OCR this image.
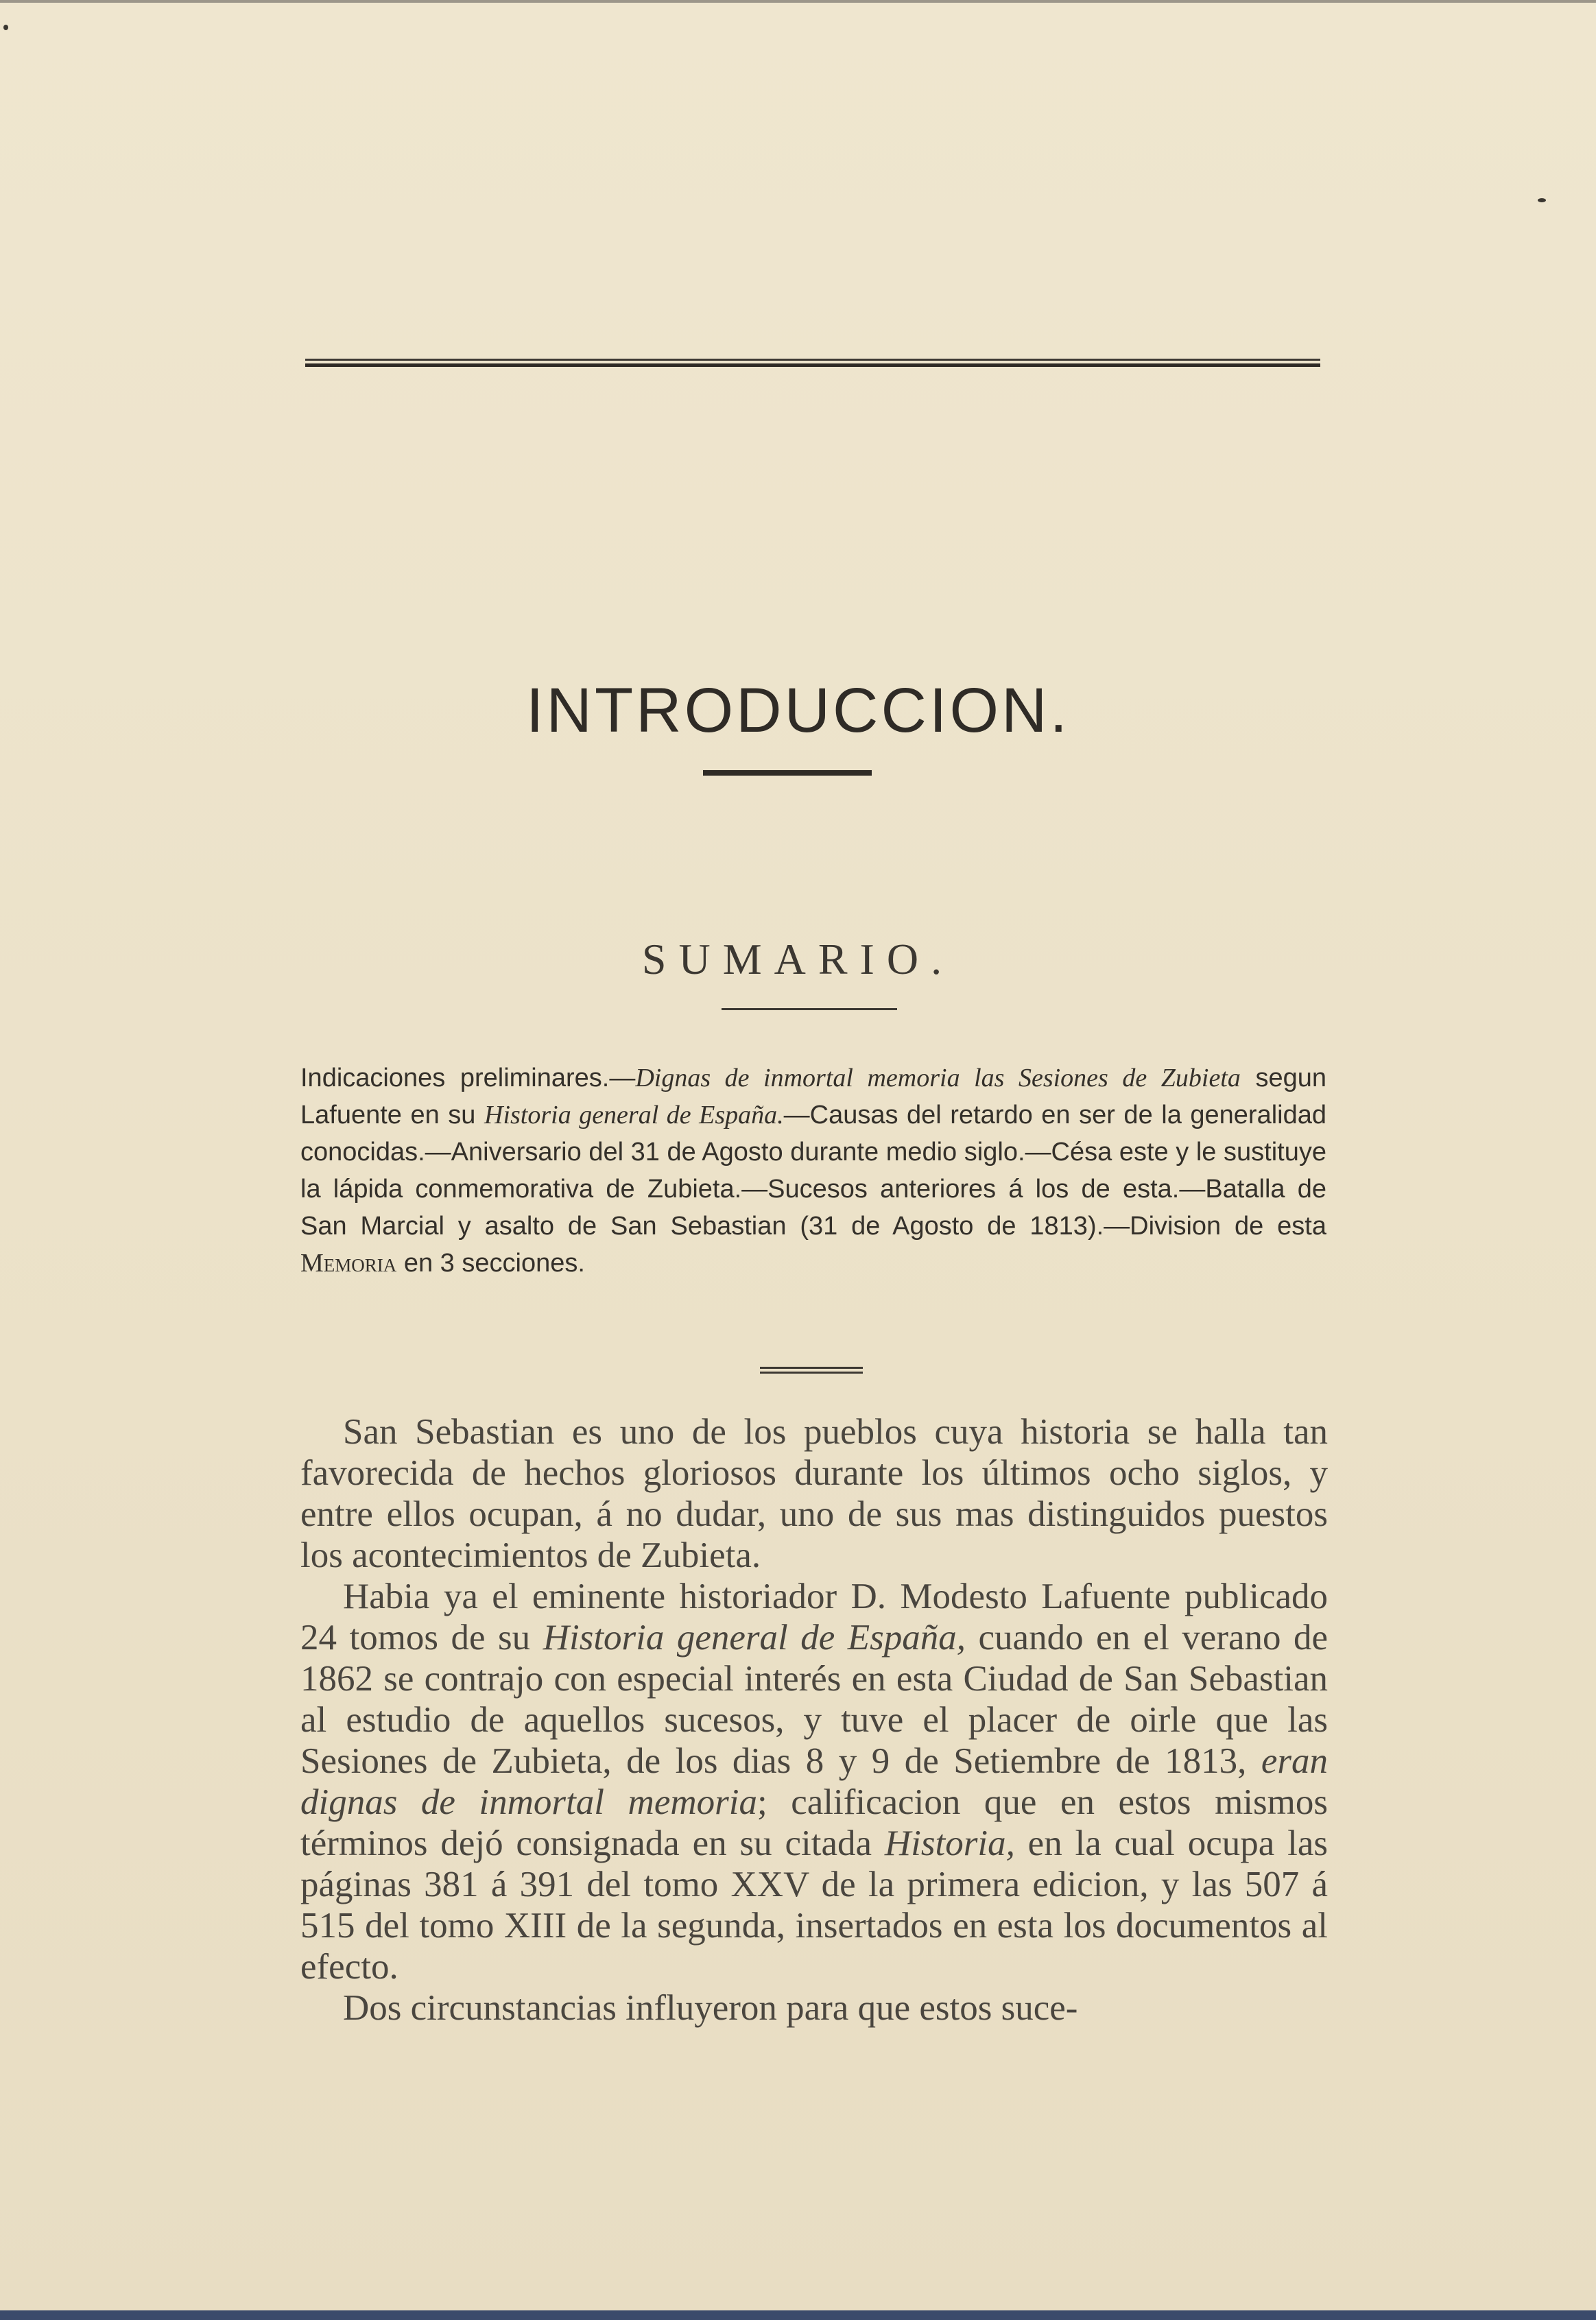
INTRODUCCION.
SUMARIO.
Indicaciones preliminares.—Dignas de inmortal memoria las Sesiones de Zubieta segun Lafuente en su Historia general de España.—Causas del retardo en ser de la generalidad conocidas.—Aniversario del 31 de Agosto durante medio siglo.—Césa este y le sustituye la lápida conmemorativa de Zubieta.—Sucesos anteriores á los de esta.—Batalla de San Marcial y asalto de San Sebastian (31 de Agosto de 1813).—Division de esta Memoria en 3 secciones.

San Sebastian es uno de los pueblos cuya historia se halla tan favorecida de hechos gloriosos durante los últimos ocho siglos, y entre ellos ocupan, á no dudar, uno de sus mas distinguidos puestos los acontecimientos de Zubieta.

Habia ya el eminente historiador D. Modesto Lafuente publicado 24 tomos de su Historia general de España, cuando en el verano de 1862 se contrajo con especial interés en esta Ciudad de San Sebastian al estudio de aquellos sucesos, y tuve el placer de oirle que las Sesiones de Zubieta, de los dias 8 y 9 de Setiembre de 1813, eran dignas de inmortal memoria; calificacion que en estos mismos términos dejó consignada en su citada Historia, en la cual ocupa las páginas 381 á 391 del tomo XXV de la primera edicion, y las 507 á 515 del tomo XIII de la segunda, insertados en esta los documentos al efecto.

Dos circunstancias influyeron para que estos suce-
